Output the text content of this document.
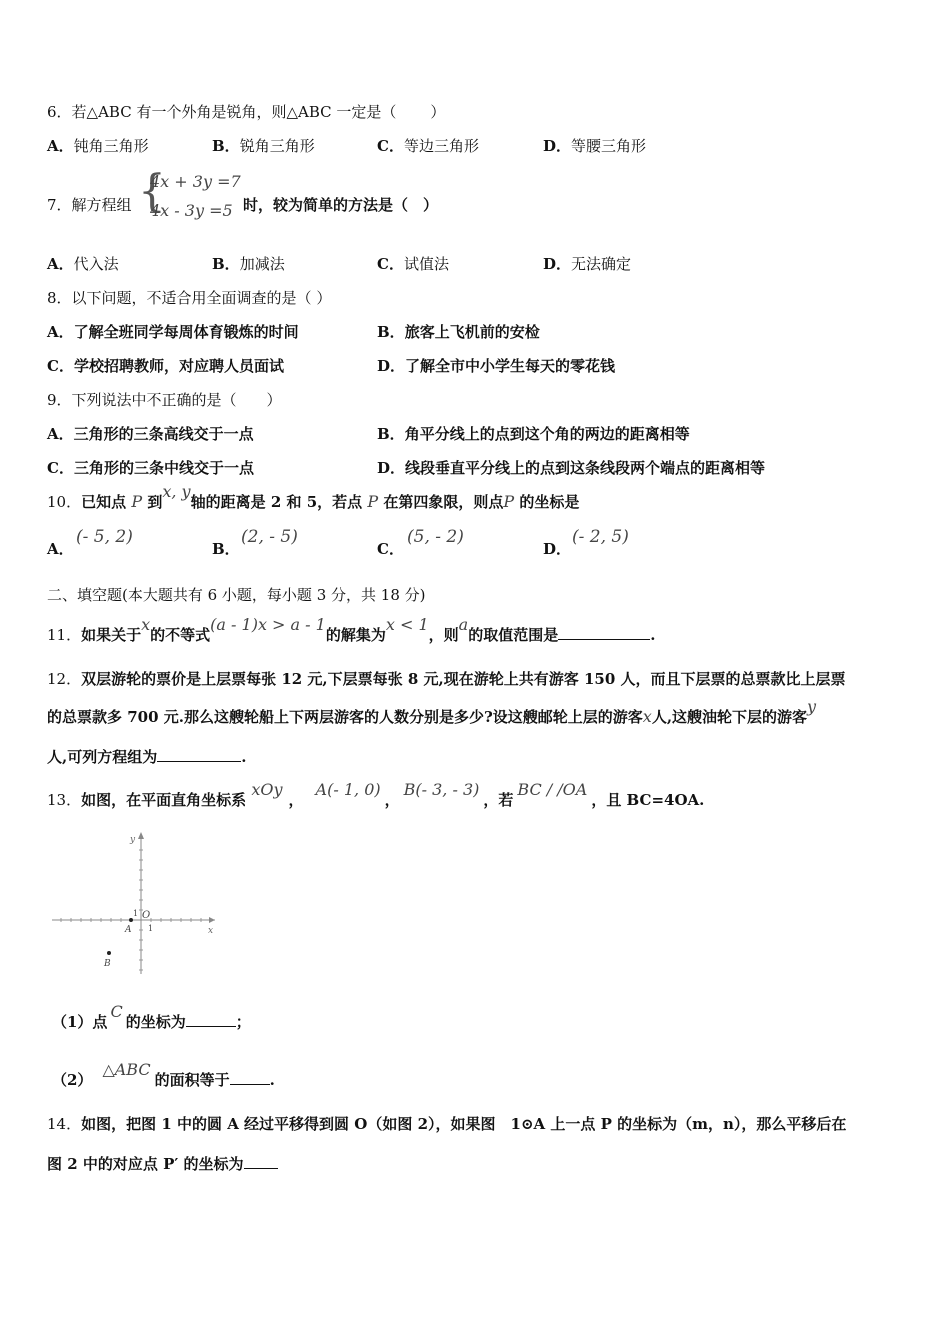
6．若△ABC 有一个外角是锐角，则△ABC 一定是（ ）
A．钝角三角形	B．锐角三角形	C．等边三角形	D．等腰三角形
7．解方程组 {
4x + 3y =7
4x - 3y =5 时，较为简单的方法是（　）
A．代入法	B．加减法	C．试值法	D．无法确定
8．以下问题，不适合用全面调查的是（ ）
A．了解全班同学每周体育锻炼的时间	B．旅客上飞机前的安检
C．学校招聘教师，对应聘人员面试	D．了解全市中小学生每天的零花钱
9．下列说法中不正确的是（　　）
A．三角形的三条高线交于一点	B．角平分线上的点到这个角的两边的距离相等
C．三角形的三条中线交于一点	D．线段垂直平分线上的点到这条线段两个端点的距离相等
10．已知点 P 到x, y轴的距离是 2 和 5，若点 P 在第四象限，则点P 的坐标是
A．
(- 5, 2)
B．
(2, - 5)
C．
(5, - 2)
D．
(- 2, 5)
二、填空题(本大题共有 6 小题，每小题 3 分，共 18 分)
11．如果关于x的不等式(a - 1)x > a - 1的解集为x < 1，则a的取值范围是	.
12．双层游轮的票价是上层票每张 12 元,下层票每张 8 元,现在游轮上共有游客 150 人，而且下层票的总票款比上层票
的总票款多 700 元.那么这艘轮船上下两层游客的人数分别是多少?设这艘邮轮上层的游客x人,这艘油轮下层的游客y
人,可列方程组为	.
13．如图，在平面直角坐标系 xOy，A(- 1, 0)，B(- 3, - 3)，若BC / /OA，且 BC=4OA.
x
y
O
1
1
A
B
（1）点C的坐标为	；
（2）△ABC的面积等于	.
14．如图，把图 1 中的圆 A 经过平移得到圆 O（如图 2），如果图　1⊙A 上一点 P 的坐标为（m，n），那么平移后在
图 2 中的对应点 P′ 的坐标为
